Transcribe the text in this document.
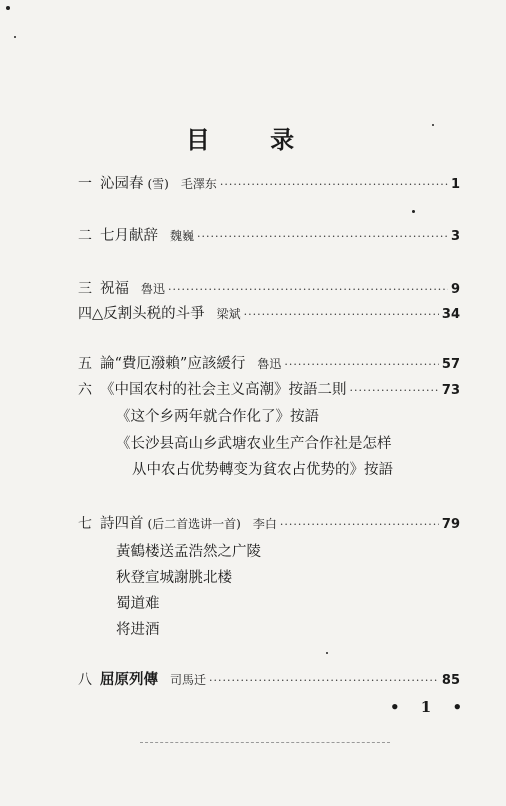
目 录
一 沁园春 (雪) 毛澤东 ·····	1
二 七月献辞 魏巍 ·····	3
三 祝福 魯迅 ·····	9
四 △反割头税的斗爭 梁斌 ·····	34
五 論“費厄潑賴”应該緩行 魯迅 ·····	57
六 《中国农村的社会主义高潮》按語二則 ·····	73
《这个乡两年就合作化了》按語
《长沙县高山乡武塘农业生产合作社是怎样
从中农占优势轉变为貧农占优势的》按語
七 詩四首 (后二首选讲一首) 李白 ·····	79
黃鶴楼送孟浩然之广陵
秋登宣城謝朓北楼
蜀道难
将进酒
八 屈原列傳 司馬迁 ·····	85
• 1 •
